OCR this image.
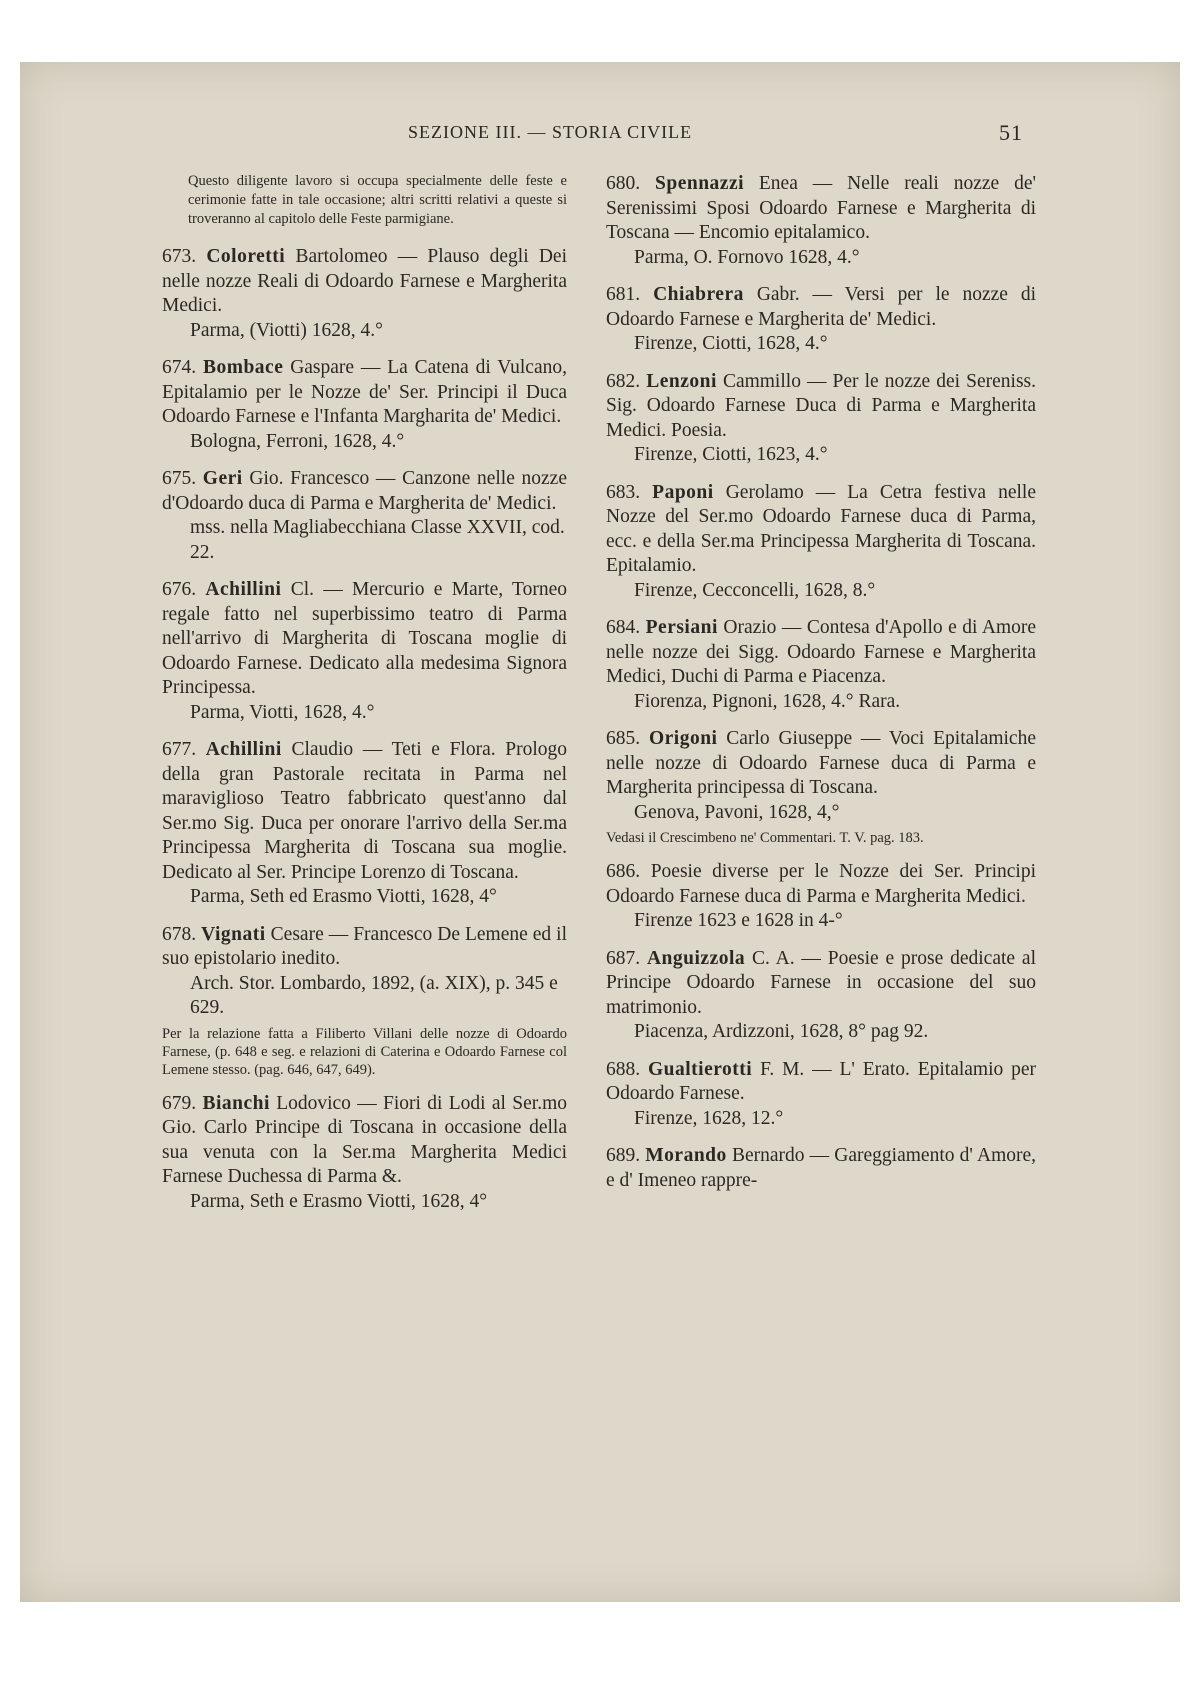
SEZIONE III. — STORIA CIVILE	51
Questo diligente lavoro si occupa specialmente delle feste e cerimonie fatte in tale occasione; altri scritti relativi a queste si troveranno al capitolo delle Feste parmigiane.
673. Coloretti Bartolomeo — Plauso degli Dei nelle nozze Reali di Odoardo Farnese e Margherita Medici.
Parma, (Viotti) 1628, 4.°
674. Bombace Gaspare — La Catena di Vulcano, Epitalamio per le Nozze de' Ser. Principi il Duca Odoardo Farnese e l'Infanta Margharita de' Medici.
Bologna, Ferroni, 1628, 4.°
675. Geri Gio. Francesco — Canzone nelle nozze d'Odoardo duca di Parma e Margherita de' Medici.
mss. nella Magliabecchiana Classe XXVII, cod. 22.
676. Achillini Cl. — Mercurio e Marte, Torneo regale fatto nel superbissimo teatro di Parma nell'arrivo di Margherita di Toscana moglie di Odoardo Farnese. Dedicato alla medesima Signora Principessa.
Parma, Viotti, 1628, 4.°
677. Achillini Claudio — Teti e Flora. Prologo della gran Pastorale recitata in Parma nel maraviglioso Teatro fabbricato quest'anno dal Ser.mo Sig. Duca per onorare l'arrivo della Ser.ma Principessa Margherita di Toscana sua moglie. Dedicato al Ser. Principe Lorenzo di Toscana.
Parma, Seth ed Erasmo Viotti, 1628, 4°
678. Vignati Cesare — Francesco De Lemene ed il suo epistolario inedito.
Arch. Stor. Lombardo, 1892, (a. XIX), p. 345 e 629.
Per la relazione fatta a Filiberto Villani delle nozze di Odoardo Farnese, (p. 648 e seg. e relazioni di Caterina e Odoardo Farnese col Lemene stesso. (pag. 646, 647, 649).
679. Bianchi Lodovico — Fiori di Lodi al Ser.mo Gio. Carlo Principe di Toscana in occasione della sua venuta con la Ser.ma Margherita Medici Farnese Duchessa di Parma &.
Parma, Seth e Erasmo Viotti, 1628, 4°
680. Spennazzi Enea — Nelle reali nozze de' Serenissimi Sposi Odoardo Farnese e Margherita di Toscana — Encomio epitalamico.
Parma, O. Fornovo 1628, 4.°
681. Chiabrera Gabr. — Versi per le nozze di Odoardo Farnese e Margherita de' Medici.
Firenze, Ciotti, 1628, 4.°
682. Lenzoni Cammillo — Per le nozze dei Sereniss. Sig. Odoardo Farnese Duca di Parma e Margherita Medici. Poesia.
Firenze, Ciotti, 1623, 4.°
683. Paponi Gerolamo — La Cetra festiva nelle Nozze del Ser.mo Odoardo Farnese duca di Parma, ecc. e della Ser.ma Principessa Margherita di Toscana. Epitalamio.
Firenze, Cecconcelli, 1628, 8.°
684. Persiani Orazio — Contesa d'Apollo e di Amore nelle nozze dei Sigg. Odoardo Farnese e Margherita Medici, Duchi di Parma e Piacenza.
Fiorenza, Pignoni, 1628, 4.° Rara.
685. Origoni Carlo Giuseppe — Voci Epitalamiche nelle nozze di Odoardo Farnese duca di Parma e Margherita principessa di Toscana.
Genova, Pavoni, 1628, 4,°
Vedasi il Crescimbeno ne' Commentari. T. V. pag. 183.
686. Poesie diverse per le Nozze dei Ser. Principi Odoardo Farnese duca di Parma e Margherita Medici.
Firenze 1623 e 1628 in 4-°
687. Anguizzola C. A. — Poesie e prose dedicate al Principe Odoardo Farnese in occasione del suo matrimonio.
Piacenza, Ardizzoni, 1628, 8° pag 92.
688. Gualtierotti F. M. — L' Erato. Epitalamio per Odoardo Farnese.
Firenze, 1628, 12.°
689. Morando Bernardo — Gareggiamento d' Amore, e d' Imeneo rappre-
